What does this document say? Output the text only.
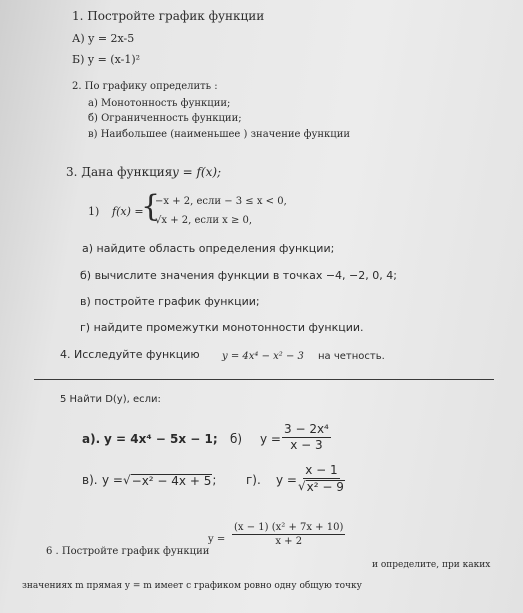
1. Постройте график функции
А) y = 2x-5
Б) y = (x-1)²
2. По графику определить :
а) Монотонность функции;
б) Ограниченность функции;
в) Наибольшее (наименьшее ) значение функции
3. Дана функция y = f(x);
1) f(x) =
{
−x + 2, если − 3 ≤ x < 0,
√x + 2, если x ≥ 0,
а) найдите область определения функции;
б) вычислите значения функции в точках −4, −2, 0, 4;
в) постройте график функции;
г) найдите промежутки монотонности функции.
4. Исследуйте функцию y = 4x⁴ − x² − 3 на четность.
5 Найти D(y), если:
а). y = 4x⁴ − 5x − 1; б) $y = \frac{\text{3 − 2x⁴}}{x - 3}$
в). y = √ −x² − 4x + 5 ; г). $y = \frac{x - 1}{\text{√ x² − 9}}$
$y = \frac{\text{(x − 1) (x² + 7x + 10)}}{x + 2}$
6 . Постройте график функции
и определите, при каких
значениях m прямая y = m имеет с графиком ровно одну общую точку
